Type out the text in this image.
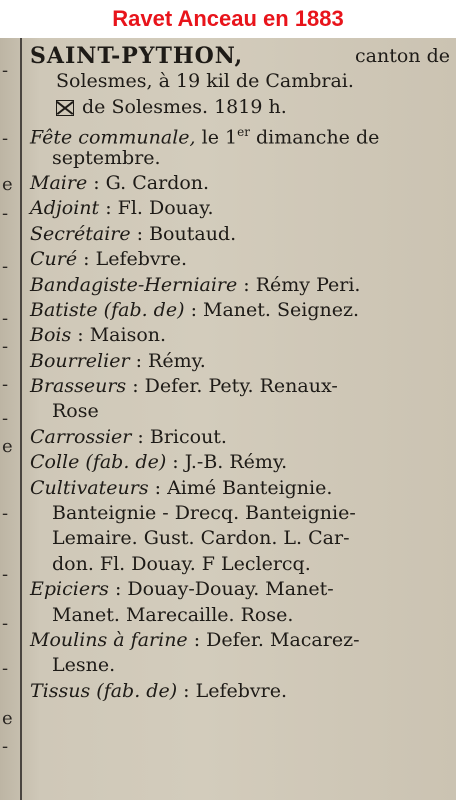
Ravet Anceau en 1883
-
-
e
-
-
-
-
-
-
e
-
-
-
-
e
-
SAINT-PYTHON,	canton de
Solesmes, à 19 kil de Cambrai.
de Solesmes. 1819 h.
Fête communale, le 1er dimanche de
septembre.
Maire : G. Cardon.
Adjoint : Fl. Douay.
Secrétaire : Boutaud.
Curé : Lefebvre.
Bandagiste-Herniaire : Rémy Peri.
Batiste (fab. de) : Manet. Seignez.
Bois : Maison.
Bourrelier : Rémy.
Brasseurs : Defer. Pety. Renaux-
Rose
Carrossier : Bricout.
Colle (fab. de) : J.-B. Rémy.
Cultivateurs : Aimé Banteignie.
Banteignie - Drecq. Banteignie-
Lemaire. Gust. Cardon. L. Car-
don. Fl. Douay. F Leclercq.
Epiciers : Douay-Douay. Manet-
Manet. Marecaille. Rose.
Moulins à farine : Defer. Macarez-
Lesne.
Tissus (fab. de) : Lefebvre.
